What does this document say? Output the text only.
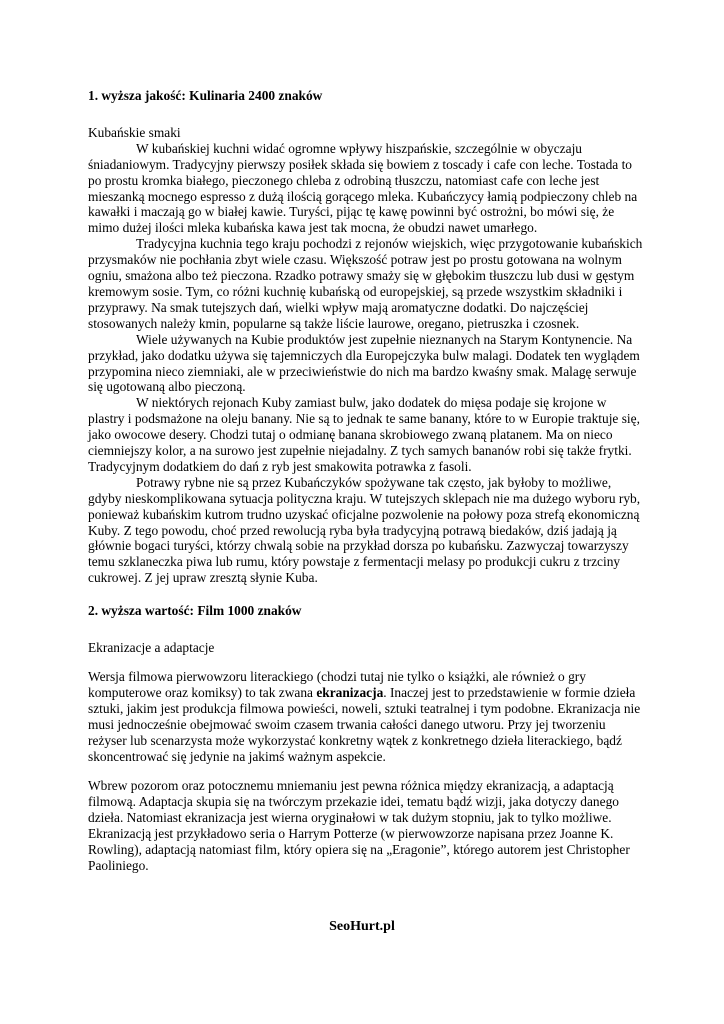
1. wyższa jakość: Kulinaria 2400 znaków

Kubańskie smaki

W kubańskiej kuchni widać ogromne wpływy hiszpańskie, szczególnie w obyczaju śniadaniowym. Tradycyjny pierwszy posiłek składa się bowiem z toscady i cafe con leche. Tostada to po prostu kromka białego, pieczonego chleba z odrobiną tłuszczu, natomiast cafe con leche jest mieszanką mocnego espresso z dużą ilością gorącego mleka. Kubańczycy łamią podpieczony chleb na kawałki i maczają go w białej kawie. Turyści, pijąc tę kawę powinni być ostrożni, bo mówi się, że mimo dużej ilości mleka kubańska kawa jest tak mocna, że obudzi nawet umarłego.

Tradycyjna kuchnia tego kraju pochodzi z rejonów wiejskich, więc przygotowanie kubańskich przysmaków nie pochłania zbyt wiele czasu. Większość potraw jest po prostu gotowana na wolnym ogniu, smażona albo też pieczona. Rzadko potrawy smaży się w głębokim tłuszczu lub dusi w gęstym kremowym sosie. Tym, co różni kuchnię kubańską od europejskiej, są przede wszystkim składniki i przyprawy. Na smak tutejszych dań, wielki wpływ mają aromatyczne dodatki. Do najczęściej stosowanych należy kmin, popularne są także liście laurowe, oregano, pietruszka i czosnek.

Wiele używanych na Kubie produktów jest zupełnie nieznanych na Starym Kontynencie. Na przykład, jako dodatku używa się tajemniczych dla Europejczyka bulw malagi. Dodatek ten wyglądem przypomina nieco ziemniaki, ale w przeciwieństwie do nich ma bardzo kwaśny smak. Malagę serwuje się ugotowaną albo pieczoną.

W niektórych rejonach Kuby zamiast bulw, jako dodatek do mięsa podaje się krojone w plastry i podsmażone na oleju banany. Nie są to jednak te same banany, które to w Europie traktuje się, jako owocowe desery. Chodzi tutaj o odmianę banana skrobiowego zwaną platanem. Ma on nieco ciemniejszy kolor, a na surowo jest zupełnie niejadalny. Z tych samych bananów robi się także frytki. Tradycyjnym dodatkiem do dań z ryb jest smakowita potrawka z fasoli.

Potrawy rybne nie są przez Kubańczyków spożywane tak często, jak byłoby to możliwe, gdyby nieskomplikowana sytuacja polityczna kraju. W tutejszych sklepach nie ma dużego wyboru ryb, ponieważ kubańskim kutrom trudno uzyskać oficjalne pozwolenie na połowy poza strefą ekonomiczną Kuby. Z tego powodu, choć przed rewolucją ryba była tradycyjną potrawą biedaków, dziś jadają ją głównie bogaci turyści, którzy chwalą sobie na przykład dorsza po kubańsku. Zazwyczaj towarzyszy temu szklaneczka piwa lub rumu, który powstaje z fermentacji melasy po produkcji cukru z trzciny cukrowej. Z jej upraw zresztą słynie Kuba.

2. wyższa wartość: Film 1000 znaków

Ekranizacje a adaptacje

Wersja filmowa pierwowzoru literackiego (chodzi tutaj nie tylko o książki, ale również o gry komputerowe oraz komiksy) to tak zwana ekranizacja. Inaczej jest to przedstawienie w formie dzieła sztuki, jakim jest produkcja filmowa powieści, noweli, sztuki teatralnej i tym podobne. Ekranizacja nie musi jednocześnie obejmować swoim czasem trwania całości danego utworu. Przy jej tworzeniu reżyser lub scenarzysta może wykorzystać konkretny wątek z konkretnego dzieła literackiego, bądź skoncentrować się jedynie na jakimś ważnym aspekcie.

Wbrew pozorom oraz potocznemu mniemaniu jest pewna różnica między ekranizacją, a adaptacją filmową. Adaptacja skupia się na twórczym przekazie idei, tematu bądź wizji, jaka dotyczy danego dzieła. Natomiast ekranizacja jest wierna oryginałowi w tak dużym stopniu, jak to tylko możliwe. Ekranizacją jest przykładowo seria o Harrym Potterze (w pierwowzorze napisana przez Joanne K. Rowling), adaptacją natomiast film, który opiera się na „Eragonie”, którego autorem jest Christopher Paoliniego.

SeoHurt.pl
